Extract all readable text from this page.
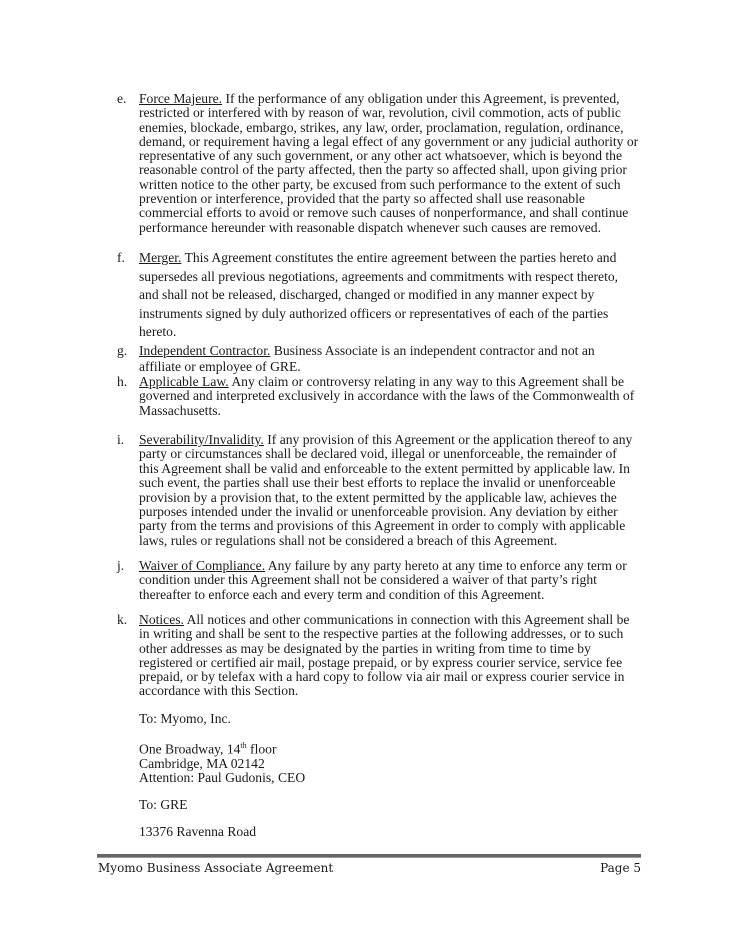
e. Force Majeure. If the performance of any obligation under this Agreement, is prevented,
restricted or interfered with by reason of war, revolution, civil commotion, acts of public
enemies, blockade, embargo, strikes, any law, order, proclamation, regulation, ordinance,
demand, or requirement having a legal effect of any government or any judicial authority or
representative of any such government, or any other act whatsoever, which is beyond the
reasonable control of the party affected, then the party so affected shall, upon giving prior
written notice to the other party, be excused from such performance to the extent of such
prevention or interference, provided that the party so affected shall use reasonable
commercial efforts to avoid or remove such causes of nonperformance, and shall continue
performance hereunder with reasonable dispatch whenever such causes are removed.
f. Merger. This Agreement constitutes the entire agreement between the parties hereto and
supersedes all previous negotiations, agreements and commitments with respect thereto,
and shall not be released, discharged, changed or modified in any manner expect by
instruments signed by duly authorized officers or representatives of each of the parties
hereto.
g. Independent Contractor. Business Associate is an independent contractor and not an
affiliate or employee of GRE.
h. Applicable Law. Any claim or controversy relating in any way to this Agreement shall be
governed and interpreted exclusively in accordance with the laws of the Commonwealth of
Massachusetts.
i. Severability/Invalidity. If any provision of this Agreement or the application thereof to any
party or circumstances shall be declared void, illegal or unenforceable, the remainder of
this Agreement shall be valid and enforceable to the extent permitted by applicable law. In
such event, the parties shall use their best efforts to replace the invalid or unenforceable
provision by a provision that, to the extent permitted by the applicable law, achieves the
purposes intended under the invalid or unenforceable provision. Any deviation by either
party from the terms and provisions of this Agreement in order to comply with applicable
laws, rules or regulations shall not be considered a breach of this Agreement.
j. Waiver of Compliance. Any failure by any party hereto at any time to enforce any term or
condition under this Agreement shall not be considered a waiver of that party’s right
thereafter to enforce each and every term and condition of this Agreement.
k. Notices. All notices and other communications in connection with this Agreement shall be
in writing and shall be sent to the respective parties at the following addresses, or to such
other addresses as may be designated by the parties in writing from time to time by
registered or certified air mail, postage prepaid, or by express courier service, service fee
prepaid, or by telefax with a hard copy to follow via air mail or express courier service in
accordance with this Section.
To: Myomo, Inc.
One Broadway, 14th floor
Cambridge, MA 02142
Attention: Paul Gudonis, CEO
To: GRE
13376 Ravenna Road
Myomo Business Associate Agreement	Page 5
